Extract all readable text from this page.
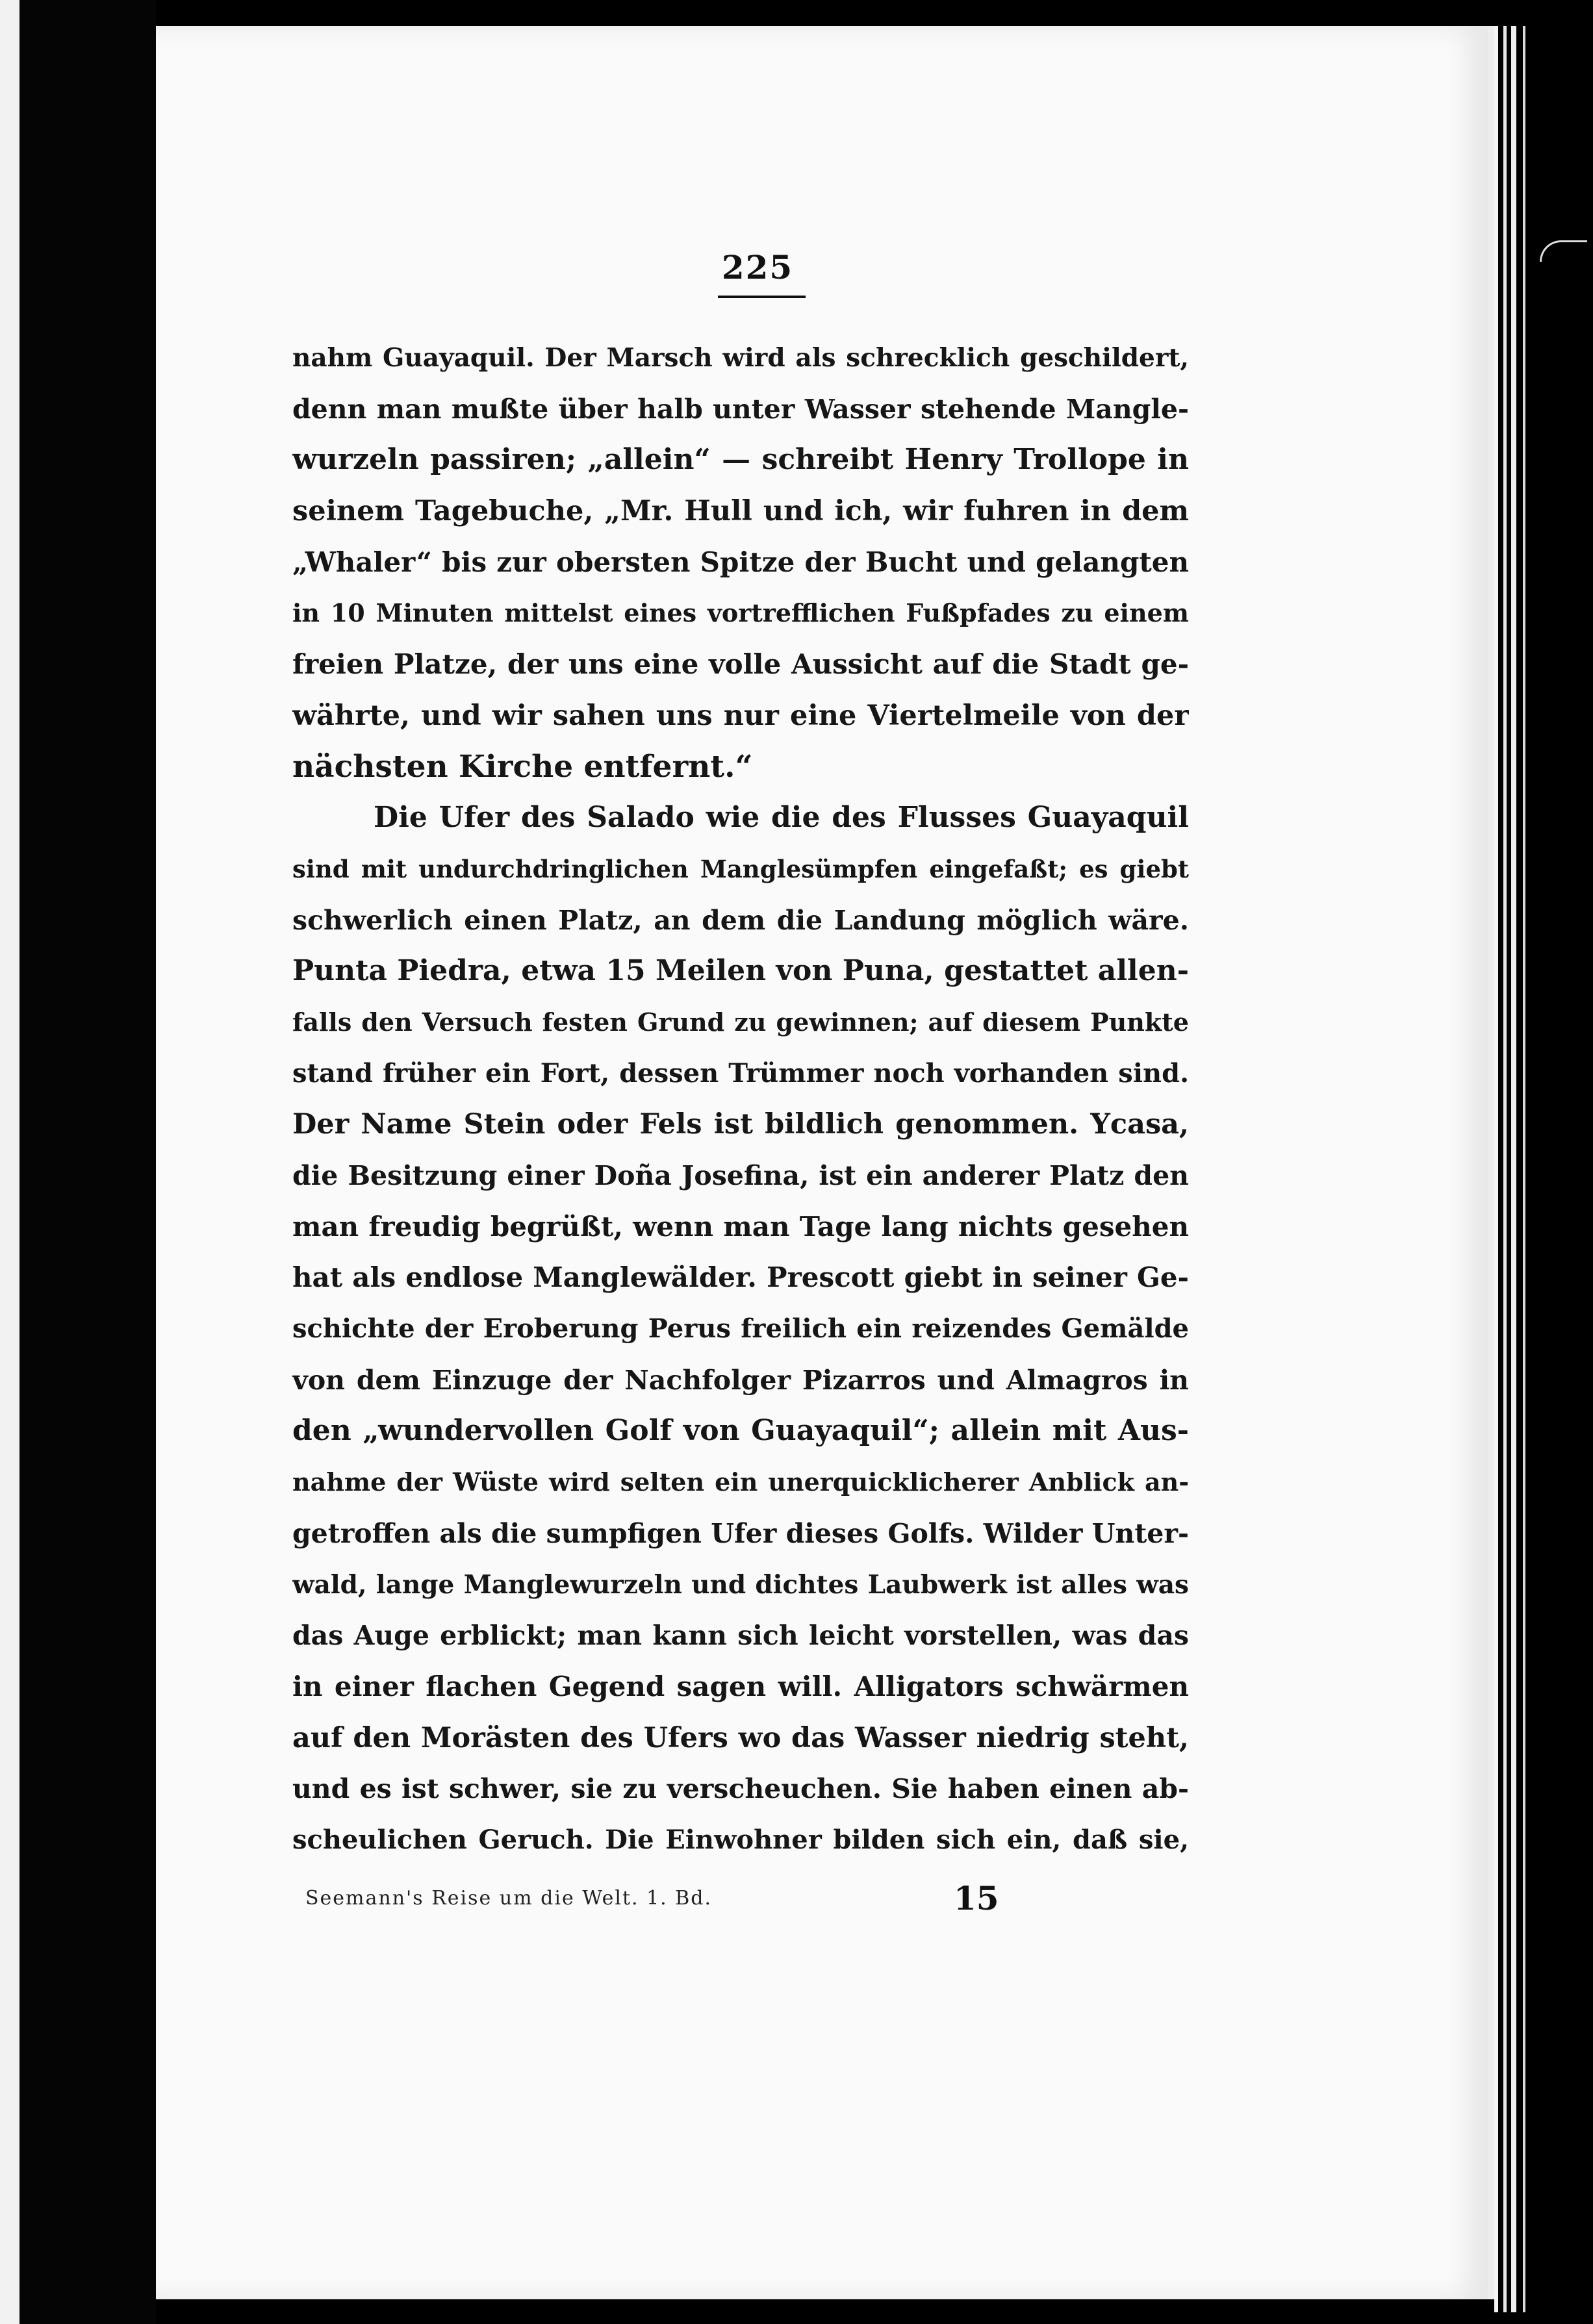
225
nahm Guayaquil. Der Marsch wird als schrecklich geschildert,
denn man mußte über halb unter Wasser stehende Mangle-
wurzeln passiren; „allein“ — schreibt Henry Trollope in
seinem Tagebuche, „Mr. Hull und ich, wir fuhren in dem
„Whaler“ bis zur obersten Spitze der Bucht und gelangten
in 10 Minuten mittelst eines vortrefflichen Fußpfades zu einem
freien Platze, der uns eine volle Aussicht auf die Stadt ge-
währte, und wir sahen uns nur eine Viertelmeile von der
nächsten Kirche entfernt.“
Die Ufer des Salado wie die des Flusses Guayaquil
sind mit undurchdringlichen Manglesümpfen eingefaßt; es giebt
schwerlich einen Platz, an dem die Landung möglich wäre.
Punta Piedra, etwa 15 Meilen von Puna, gestattet allen-
falls den Versuch festen Grund zu gewinnen; auf diesem Punkte
stand früher ein Fort, dessen Trümmer noch vorhanden sind.
Der Name Stein oder Fels ist bildlich genommen. Ycasa,
die Besitzung einer Doña Josefina, ist ein anderer Platz den
man freudig begrüßt, wenn man Tage lang nichts gesehen
hat als endlose Manglewälder. Prescott giebt in seiner Ge-
schichte der Eroberung Perus freilich ein reizendes Gemälde
von dem Einzuge der Nachfolger Pizarros und Almagros in
den „wundervollen Golf von Guayaquil“; allein mit Aus-
nahme der Wüste wird selten ein unerquicklicherer Anblick an-
getroffen als die sumpfigen Ufer dieses Golfs. Wilder Unter-
wald, lange Manglewurzeln und dichtes Laubwerk ist alles was
das Auge erblickt; man kann sich leicht vorstellen, was das
in einer flachen Gegend sagen will. Alligators schwärmen
auf den Morästen des Ufers wo das Wasser niedrig steht,
und es ist schwer, sie zu verscheuchen. Sie haben einen ab-
scheulichen Geruch. Die Einwohner bilden sich ein, daß sie,
Seemann's Reise um die Welt. 1. Bd.	15
